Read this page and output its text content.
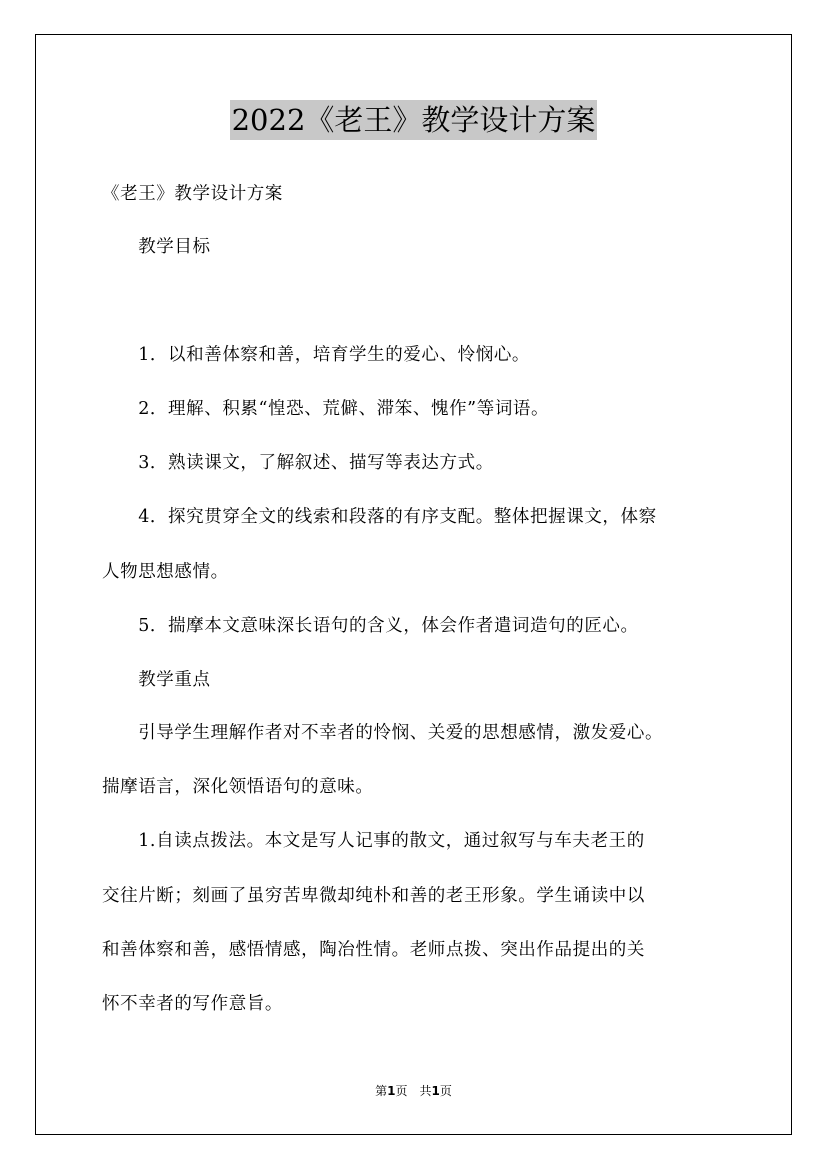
2022《老王》教学设计方案
《老王》教学设计方案
　　教学目标
　　1．以和善体察和善，培育学生的爱心、怜悯心。
　　2．理解、积累“惶恐、荒僻、滞笨、愧作”等词语。
　　3．熟读课文，了解叙述、描写等表达方式。
　　4．探究贯穿全文的线索和段落的有序支配。整体把握课文，体察
人物思想感情。
　　5．揣摩本文意味深长语句的含义，体会作者遣词造句的匠心。
　　教学重点
　　引导学生理解作者对不幸者的怜悯、关爱的思想感情，激发爱心。
揣摩语言，深化领悟语句的意味。
　　1.自读点拨法。本文是写人记事的散文，通过叙写与车夫老王的
交往片断；刻画了虽穷苦卑微却纯朴和善的老王形象。学生诵读中以
和善体察和善，感悟情感，陶冶性情。老师点拨、突出作品提出的关
怀不幸者的写作意旨。
第1页　共1页
